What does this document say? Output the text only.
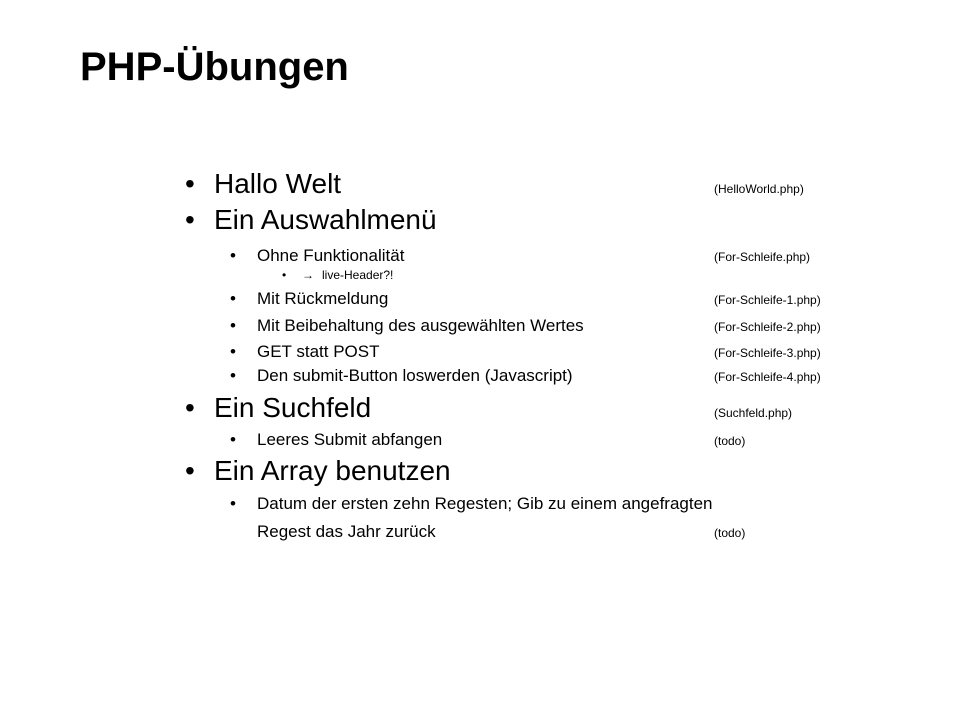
PHP-Übungen
• Hallo Welt	(HelloWorld.php)
• Ein Auswahlmenü
• Ohne Funktionalität	(For-Schleife.php)
• → live-Header?!
• Mit Rückmeldung	(For-Schleife-1.php)
• Mit Beibehaltung des ausgewählten Wertes	(For-Schleife-2.php)
• GET statt POST	(For-Schleife-3.php)
• Den submit-Button loswerden (Javascript)	(For-Schleife-4.php)
• Ein Suchfeld	(Suchfeld.php)
• Leeres Submit abfangen	(todo)
• Ein Array benutzen
• Datum der ersten zehn Regesten; Gib zu einem angefragten
Regest das Jahr zurück	(todo)
